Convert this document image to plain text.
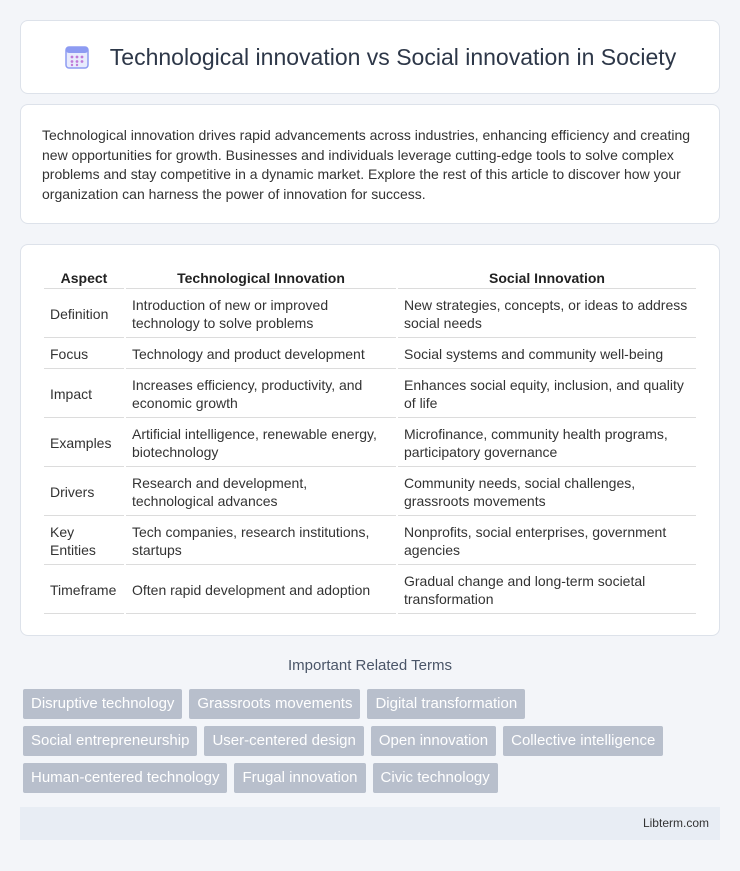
Technological innovation vs Social innovation in Society

Technological innovation drives rapid advancements across industries, enhancing efficiency and creating new opportunities for growth. Businesses and individuals leverage cutting-edge tools to solve complex problems and stay competitive in a dynamic market. Explore the rest of this article to discover how your organization can harness the power of innovation for success.

Aspect	Technological Innovation	Social Innovation
Definition	Introduction of new or improved technology to solve problems	New strategies, concepts, or ideas to address social needs
Focus	Technology and product development	Social systems and community well-being
Impact	Increases efficiency, productivity, and economic growth	Enhances social equity, inclusion, and quality of life
Examples	Artificial intelligence, renewable energy, biotechnology	Microfinance, community health programs, participatory governance
Drivers	Research and development, technological advances	Community needs, social challenges, grassroots movements
Key Entities	Tech companies, research institutions, startups	Nonprofits, social enterprises, government agencies
Timeframe	Often rapid development and adoption	Gradual change and long-term societal transformation
Important Related Terms
Disruptive technology	Grassroots movements	Digital transformation
Social entrepreneurship	User-centered design	Open innovation	Collective intelligence
Human-centered technology	Frugal innovation	Civic technology
Libterm.com
